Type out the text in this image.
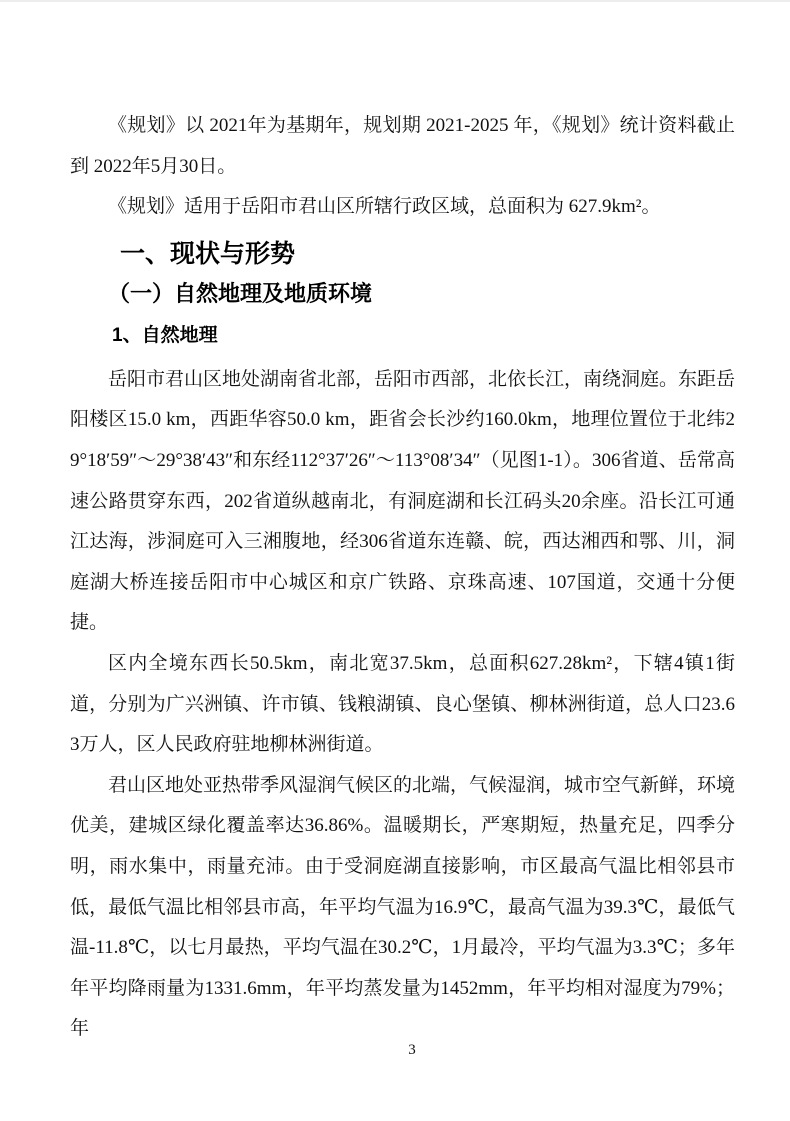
《规划》以 2021年为基期年，规划期 2021-2025 年，《规划》统计资料截止到 2022年5月30日。

《规划》适用于岳阳市君山区所辖行政区域，总面积为 627.9km²。

一、现状与形势
（一）自然地理及地质环境
1、自然地理

岳阳市君山区地处湖南省北部，岳阳市西部，北依长江，南绕洞庭。东距岳阳楼区15.0 km，西距华容50.0 km，距省会长沙约160.0km，地理位置位于北纬29°18′59″～29°38′43″和东经112°37′26″～113°08′34″（见图1-1）。306省道、岳常高速公路贯穿东西，202省道纵越南北，有洞庭湖和长江码头20余座。沿长江可通江达海，涉洞庭可入三湘腹地，经306省道东连赣、皖，西达湘西和鄂、川，洞庭湖大桥连接岳阳市中心城区和京广铁路、京珠高速、107国道，交通十分便捷。

区内全境东西长50.5km，南北宽37.5km，总面积627.28km²，下辖4镇1街道，分别为广兴洲镇、许市镇、钱粮湖镇、良心堡镇、柳林洲街道，总人口23.63万人，区人民政府驻地柳林洲街道。

君山区地处亚热带季风湿润气候区的北端，气候湿润，城市空气新鲜，环境优美，建城区绿化覆盖率达36.86%。温暖期长，严寒期短，热量充足，四季分明，雨水集中，雨量充沛。由于受洞庭湖直接影响，市区最高气温比相邻县市低，最低气温比相邻县市高，年平均气温为16.9℃，最高气温为39.3℃，最低气温-11.8℃，以七月最热，平均气温在30.2℃，1月最冷，平均气温为3.3℃；多年年平均降雨量为1331.6mm，年平均蒸发量为1452mm，年平均相对湿度为79%；年

3
